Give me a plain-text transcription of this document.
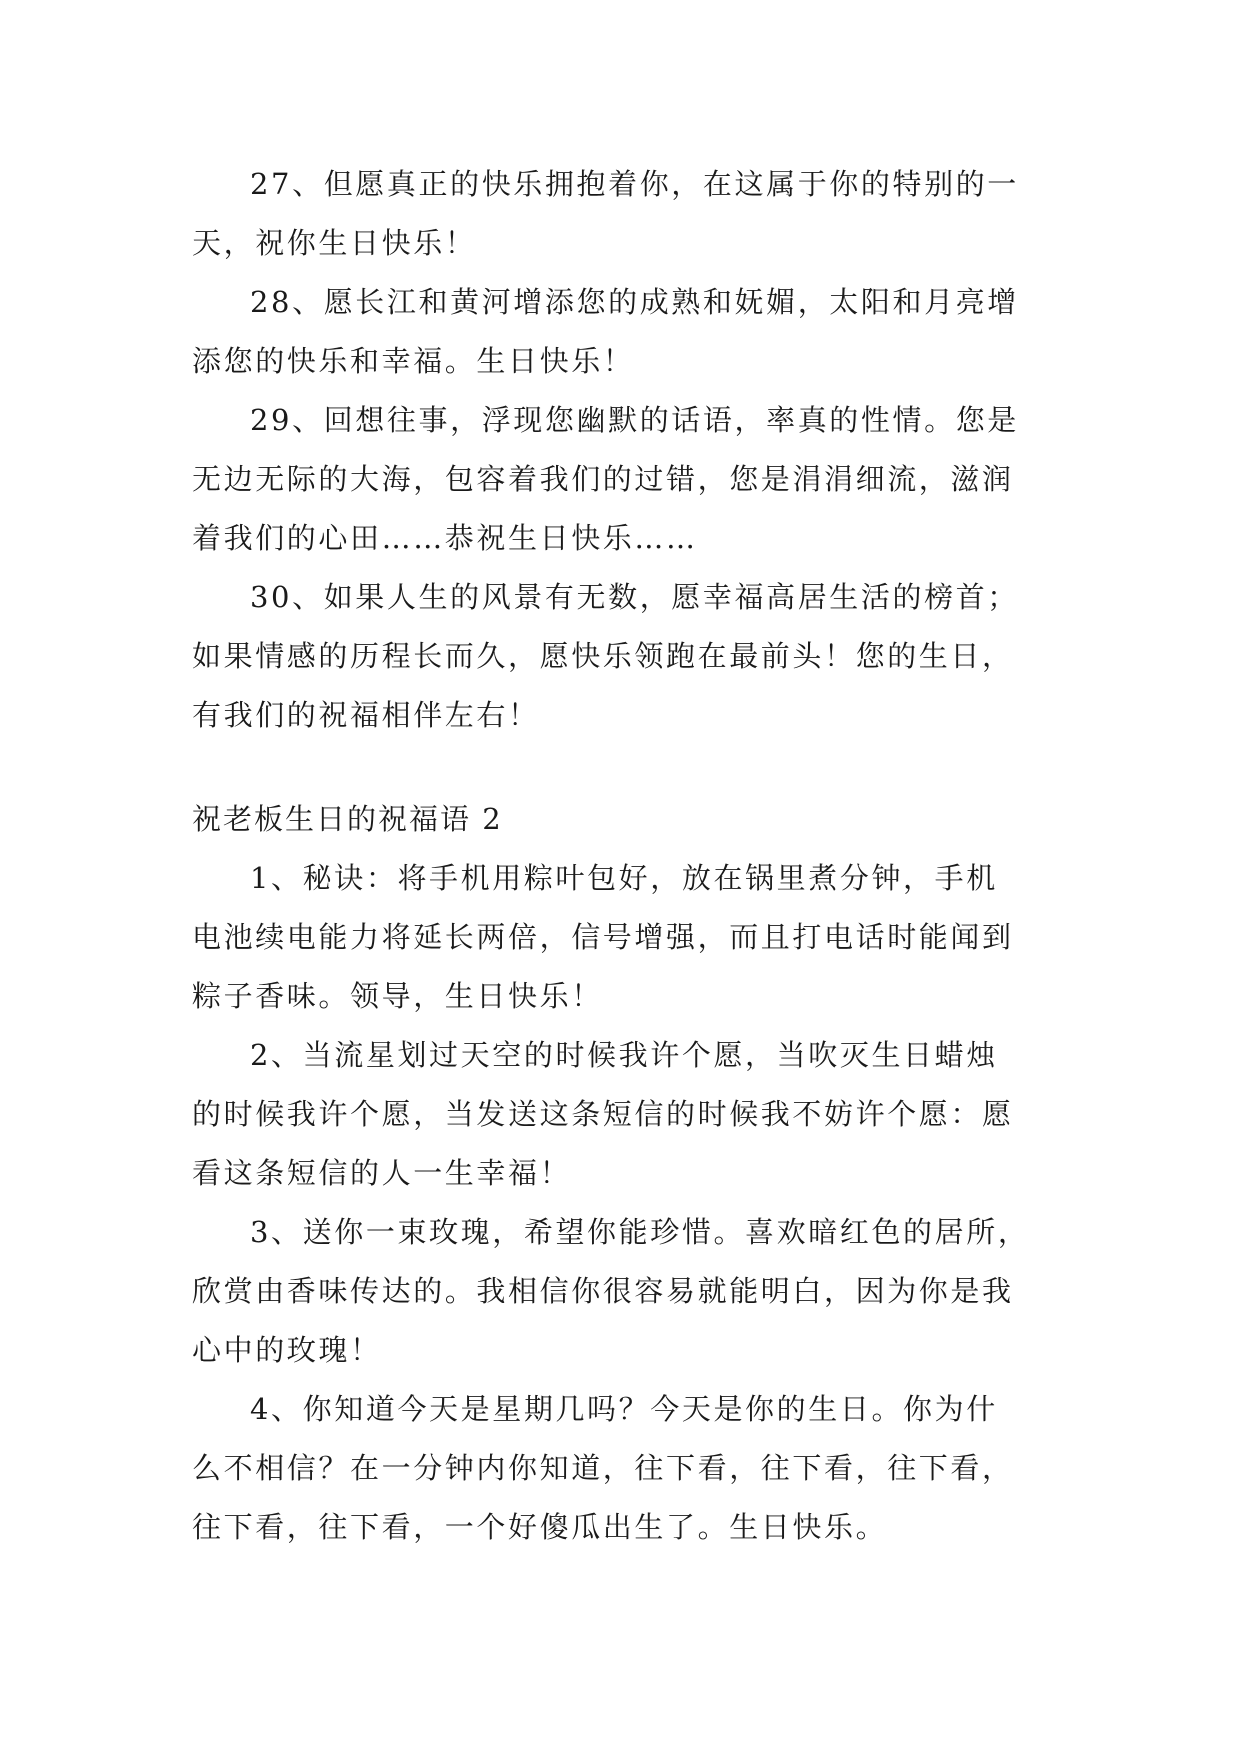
27、但愿真正的快乐拥抱着你，在这属于你的特别的一
天，祝你生日快乐！
28、愿长江和黄河增添您的成熟和妩媚，太阳和月亮增
添您的快乐和幸福。生日快乐！
29、回想往事，浮现您幽默的话语，率真的性情。您是
无边无际的大海，包容着我们的过错，您是涓涓细流，滋润
着我们的心田……恭祝生日快乐……
30、如果人生的风景有无数，愿幸福高居生活的榜首；
如果情感的历程长而久，愿快乐领跑在最前头！您的生日，
有我们的祝福相伴左右！
祝老板生日的祝福语 2
1、秘诀：将手机用粽叶包好，放在锅里煮分钟，手机
电池续电能力将延长两倍，信号增强，而且打电话时能闻到
粽子香味。领导，生日快乐！
2、当流星划过天空的时候我许个愿，当吹灭生日蜡烛
的时候我许个愿，当发送这条短信的时候我不妨许个愿：愿
看这条短信的人一生幸福！
3、送你一束玫瑰，希望你能珍惜。喜欢暗红色的居所，
欣赏由香味传达的。我相信你很容易就能明白，因为你是我
心中的玫瑰！
4、你知道今天是星期几吗？今天是你的生日。你为什
么不相信？在一分钟内你知道，往下看，往下看，往下看，
往下看，往下看，一个好傻瓜出生了。生日快乐。
